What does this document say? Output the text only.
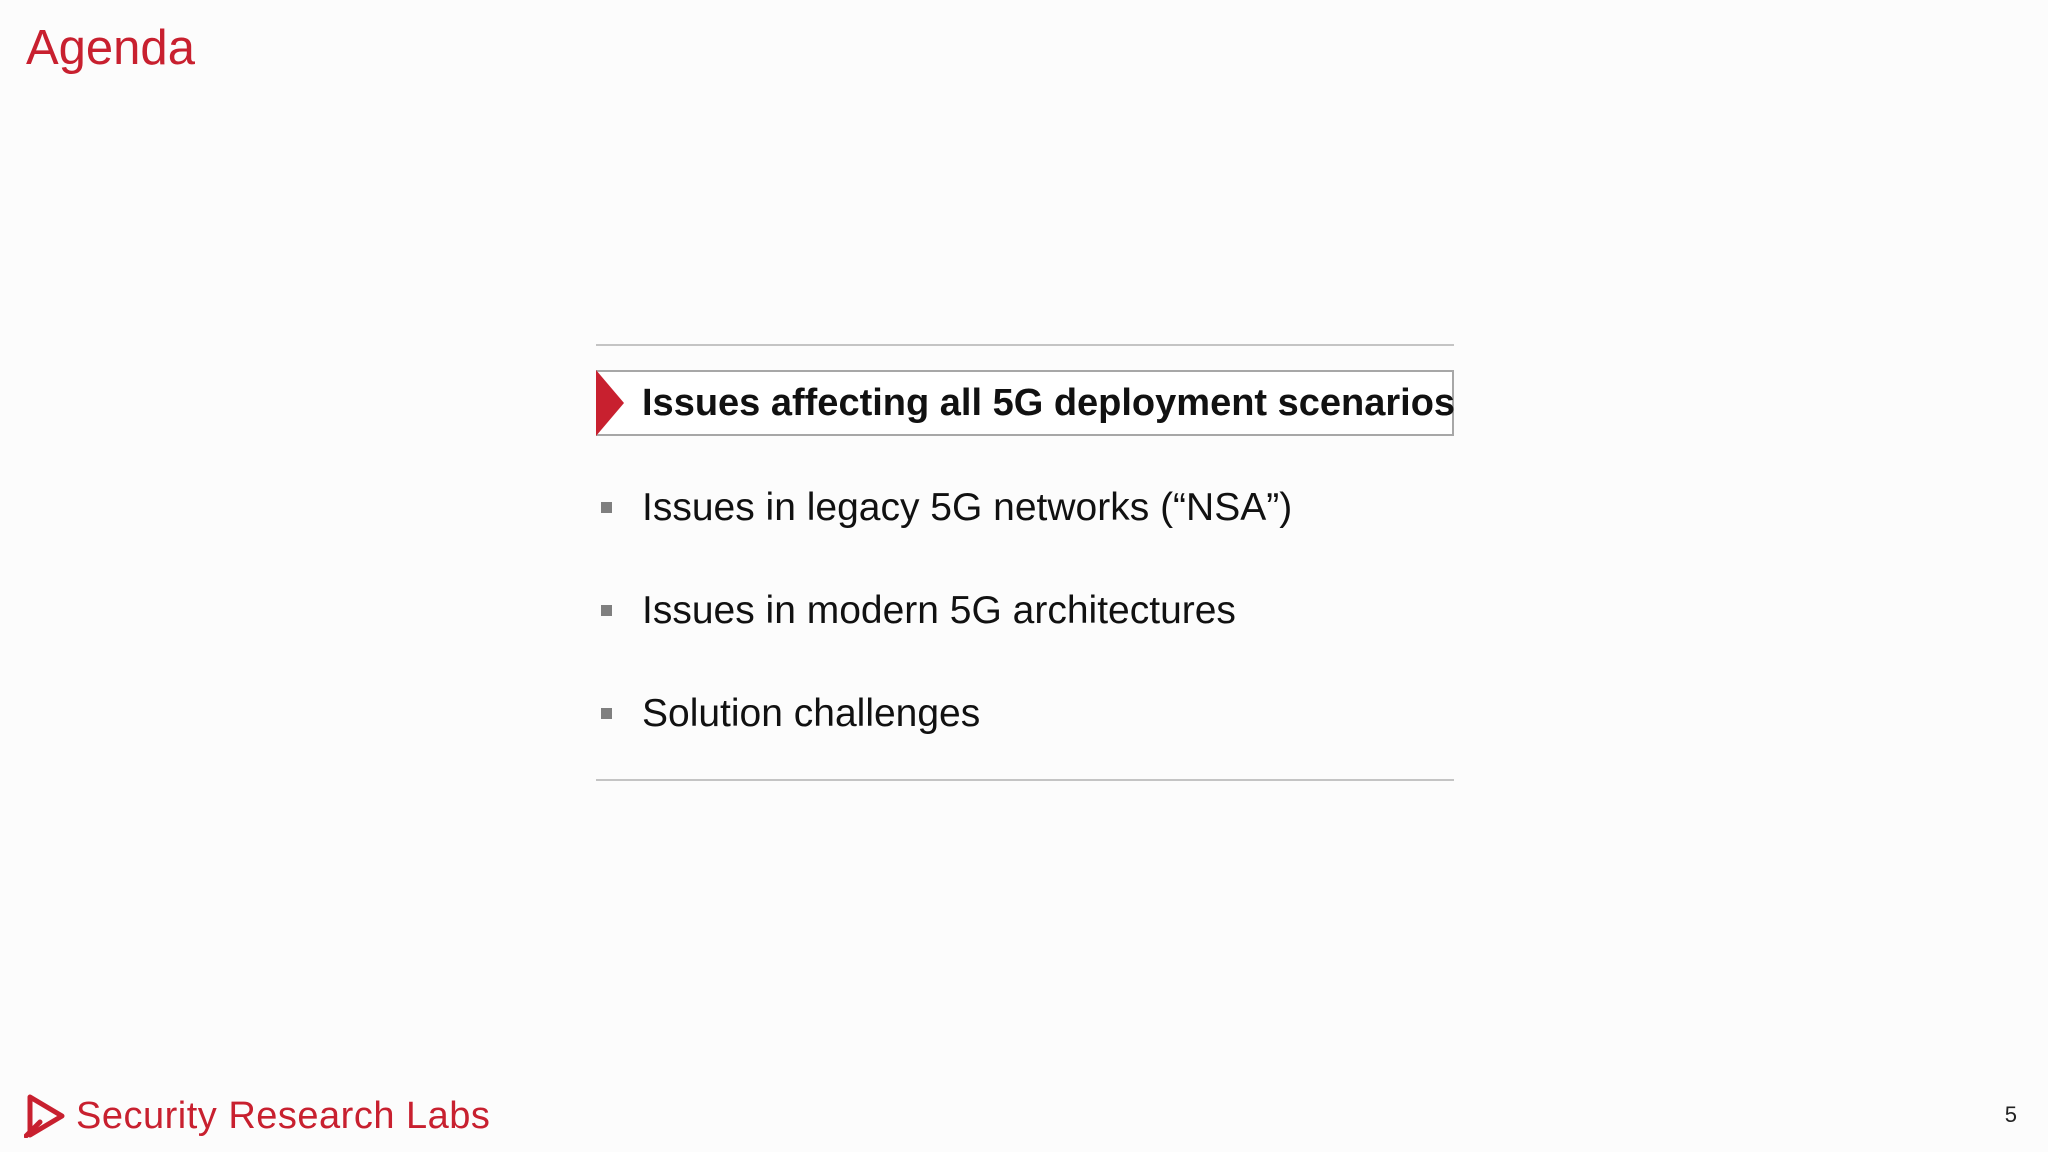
Agenda
Issues affecting all 5G deployment scenarios
Issues in legacy 5G networks (“NSA”)
Issues in modern 5G architectures
Solution challenges
Security Research Labs	5
